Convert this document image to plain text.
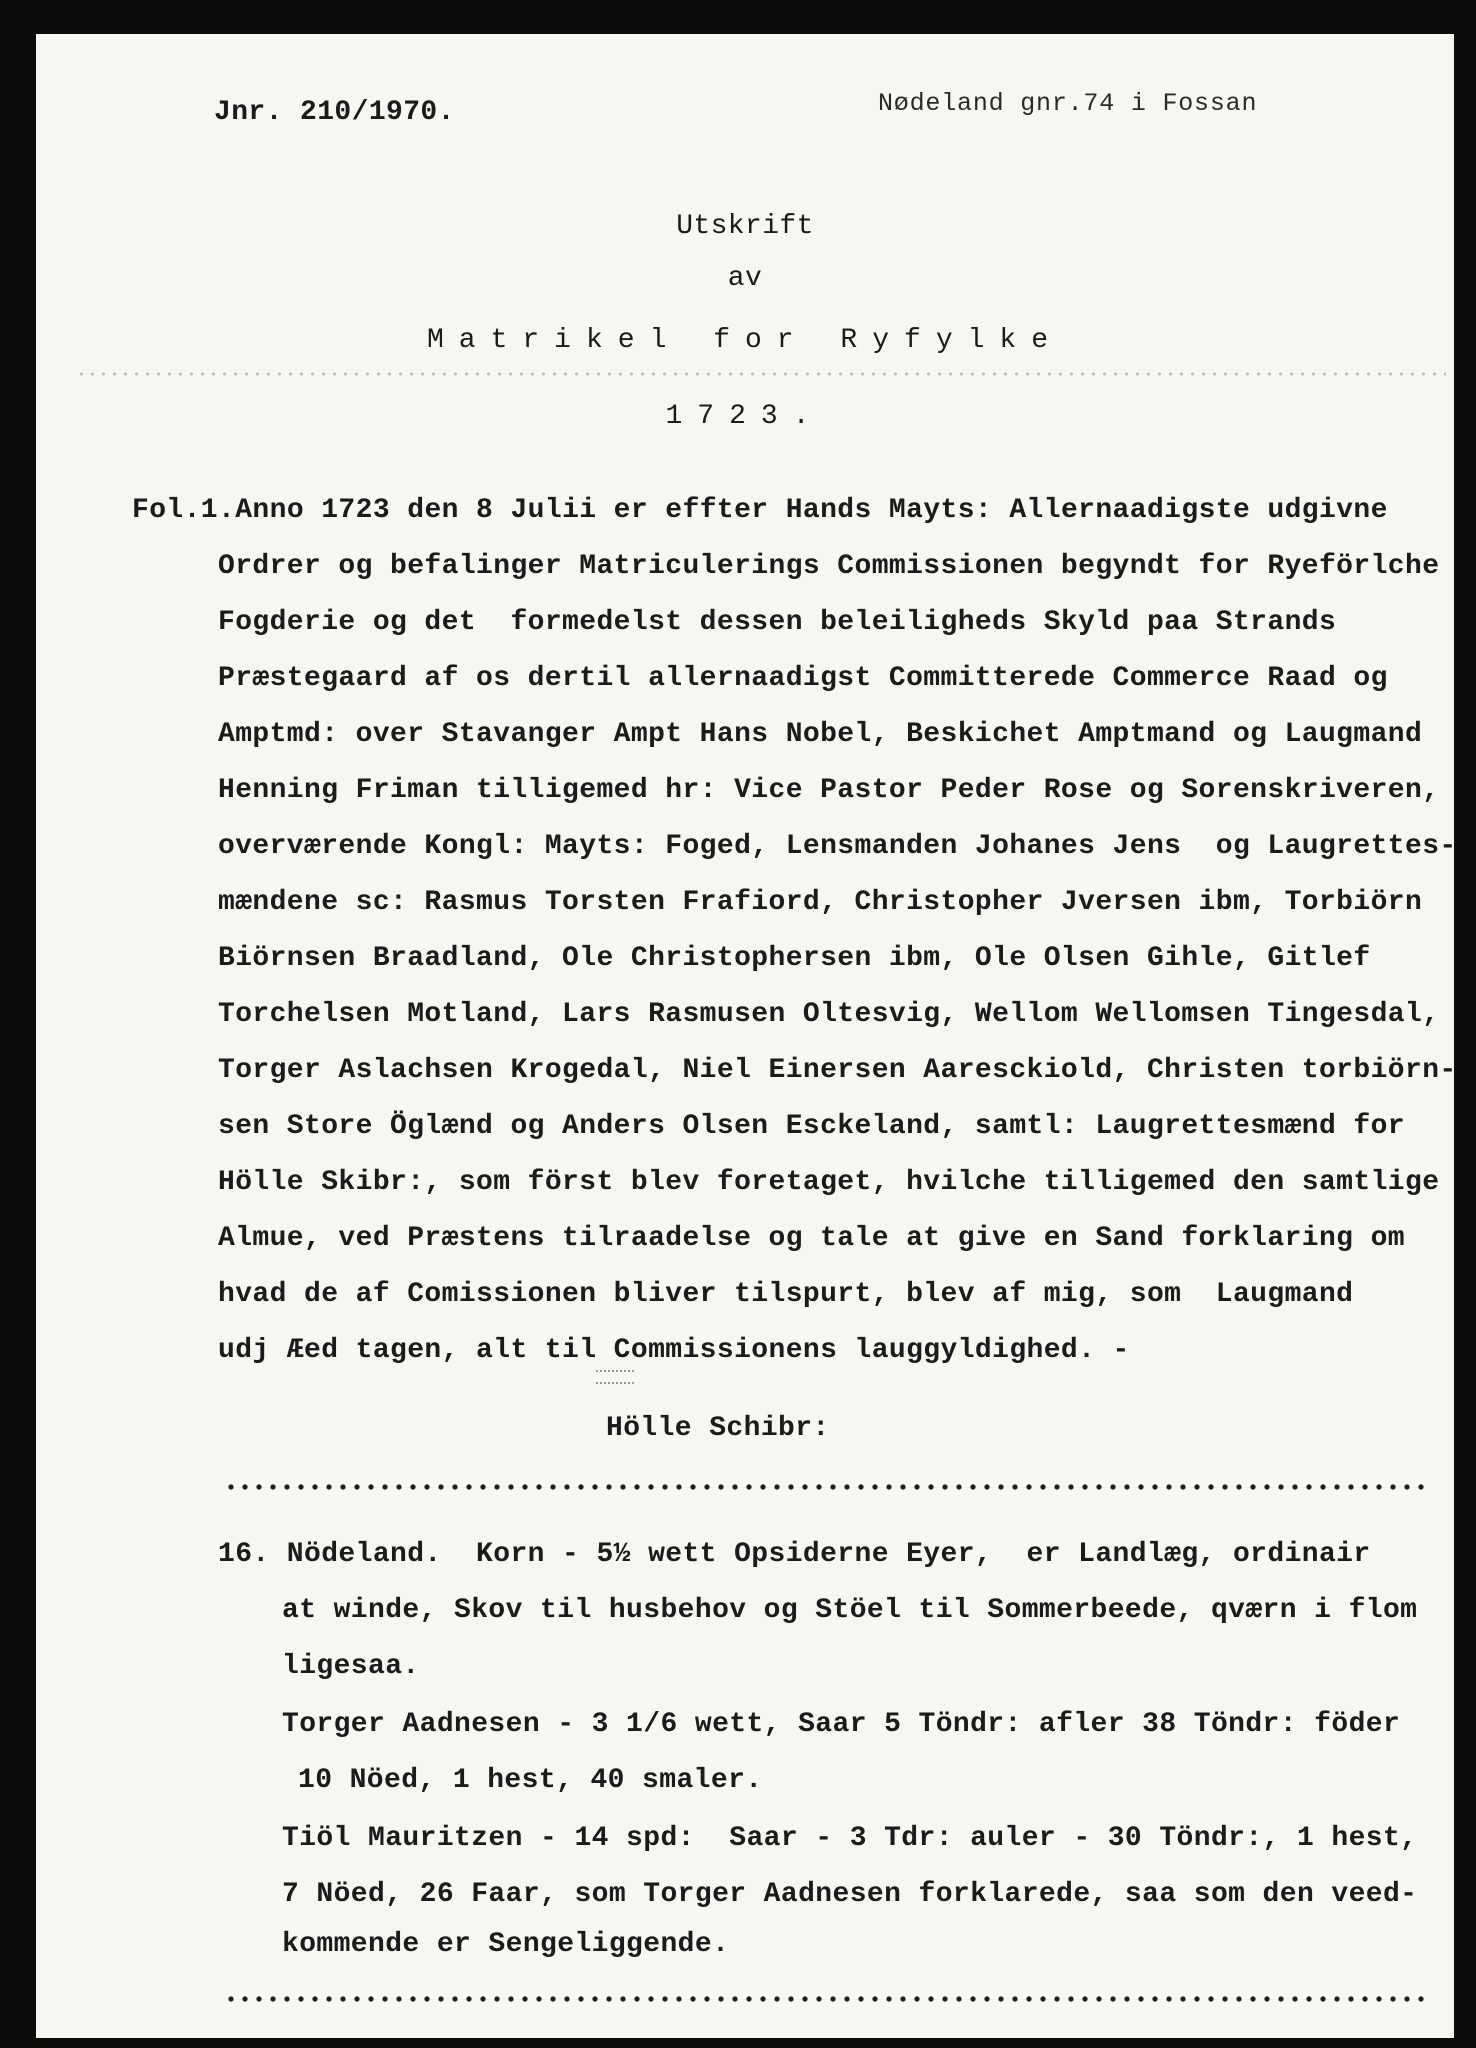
Jnr. 210/1970.	Nødeland gnr.74 i Fossan
Utskrift
av
Matrikel for Ryfylke
1723.
Fol.1.Anno 1723 den 8 Julii er effter Hands Mayts: Allernaadigste udgivne
Ordrer og befalinger Matriculerings Commissionen begyndt for Ryeförlche
Fogderie og det  formedelst dessen beleiligheds Skyld paa Strands
Præstegaard af os dertil allernaadigst Committerede Commerce Raad og
Amptmd: over Stavanger Ampt Hans Nobel, Beskichet Amptmand og Laugmand
Henning Friman tilligemed hr: Vice Pastor Peder Rose og Sorenskriveren,
overværende Kongl: Mayts: Foged, Lensmanden Johanes Jens  og Laugrettes-
mændene sc: Rasmus Torsten Frafiord, Christopher Jversen ibm, Torbiörn
Biörnsen Braadland, Ole Christophersen ibm, Ole Olsen Gihle, Gitlef
Torchelsen Motland, Lars Rasmusen Oltesvig, Wellom Wellomsen Tingesdal,
Torger Aslachsen Krogedal, Niel Einersen Aaresckiold, Christen torbiörn-
sen Store Öglænd og Anders Olsen Esckeland, samtl: Laugrettesmænd for
Hölle Skibr:, som först blev foretaget, hvilche tilligemed den samtlige
Almue, ved Præstens tilraadelse og tale at give en Sand forklaring om
hvad de af Comissionen bliver tilspurt, blev af mig, som  Laugmand
udj Æed tagen, alt til Commissionens lauggyldighed. -
Hölle Schibr:
16. Nödeland.  Korn - 5½ wett Opsiderne Eyer,  er Landlæg, ordinair
at winde, Skov til husbehov og Stöel til Sommerbeede, qværn i flom
ligesaa.
Torger Aadnesen - 3 1/6 wett, Saar 5 Töndr: afler 38 Töndr: föder
10 Nöed, 1 hest, 40 smaler.
Tiöl Mauritzen - 14 spd:  Saar - 3 Tdr: auler - 30 Töndr:, 1 hest,
7 Nöed, 26 Faar, som Torger Aadnesen forklarede, saa som den veed-
kommende er Sengeliggende.
